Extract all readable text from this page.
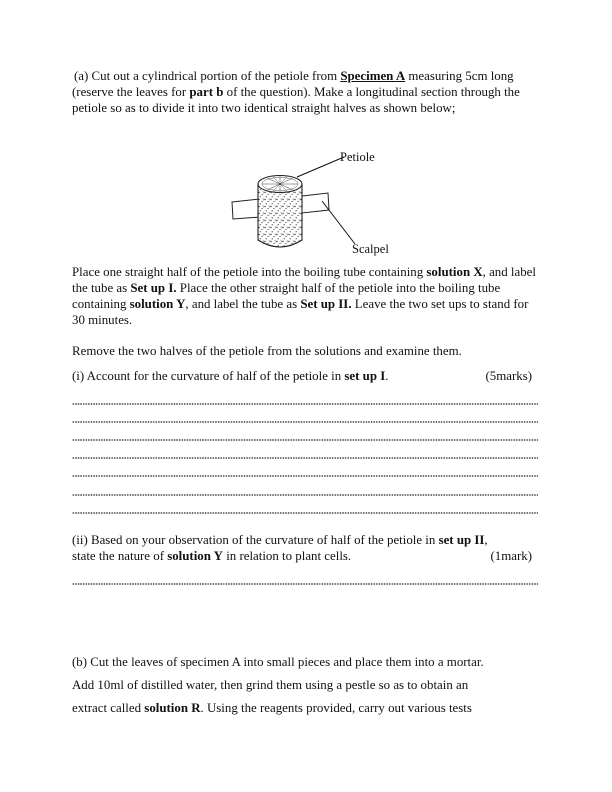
(a) Cut out a cylindrical portion of the petiole from Specimen A measuring 5cm long (reserve the leaves for part b of the question). Make a longitudinal section through the petiole so as to divide it into two identical straight halves as shown below;

Petiole
Scalpel

Place one straight half of the petiole into the boiling tube containing solution X, and label the tube as Set up I. Place the other straight half of the petiole into the boiling tube containing solution Y, and label the tube as Set up II. Leave the two set ups to stand for 30 minutes.

Remove the two halves of the petiole from the solutions and examine them.

(i) Account for the curvature of half of the petiole in set up I.	(5marks)

(ii) Based on your observation of the curvature of half of the petiole in set up II,

state the nature of solution Y in relation to plant cells.	(1mark)

(b) Cut the leaves of specimen A into small pieces and place them into a mortar.
Add 10ml of distilled water, then grind them using a pestle so as to obtain an
extract called solution R. Using the reagents provided, carry out various tests
